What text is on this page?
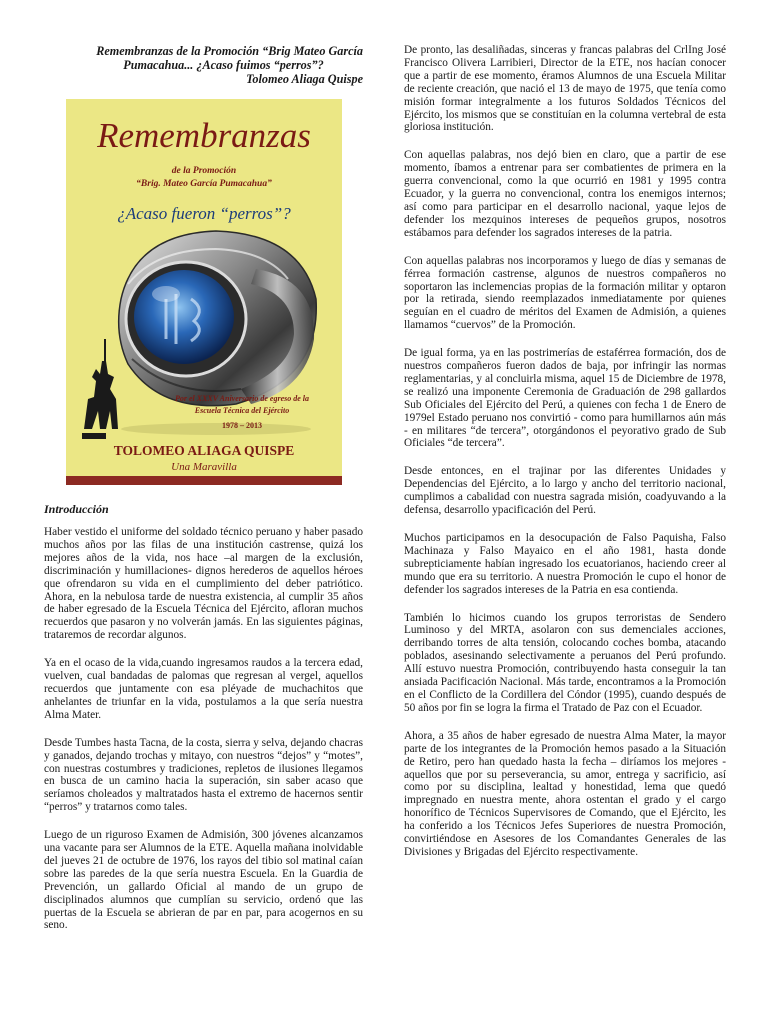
Remembranzas de la Promoción “Brig Mateo García
Pumacahua... ¿Acaso fuimos “perros”?
Tolomeo Aliaga Quispe
Remembranzas
de la Promoción
“Brig. Mateo García Pumacahua”
¿Acaso fueron “perros”?
Por el XXXV Aniversario de egreso de la
Escuela Técnica del Ejército
1978 – 2013
TOLOMEO ALIAGA QUISPE
Una Maravilla
Introducción

Haber vestido el uniforme del soldado técnico peruano y haber pasado muchos años por las filas de una institución castrense, quizá los mejores años de la vida, nos hace –al margen de la exclusión, discriminación y humillaciones- dignos herederos de aquellos héroes que ofrendaron su vida en el cumplimiento del deber patriótico. Ahora, en la nebulosa tarde de nuestra existencia, al cumplir 35 años de haber egresado de la Escuela Técnica del Ejército, afloran muchos recuerdos que pasaron y no volverán jamás. En las siguientes páginas, trataremos de recordar algunos.

Ya en el ocaso de la vida,cuando ingresamos raudos a la tercera edad, vuelven, cual bandadas de palomas que regresan al vergel, aquellos recuerdos que juntamente con esa pléyade de muchachitos que anhelantes de triunfar en la vida, postulamos a la que sería nuestra Alma Mater.

Desde Tumbes hasta Tacna, de la costa, sierra y selva, dejando chacras y ganados, dejando trochas y mitayo, con nuestros “dejos” y “motes”, con nuestras costumbres y tradiciones, repletos de ilusiones llegamos en busca de un camino hacia la superación, sin saber acaso que seríamos choleados y maltratados hasta el extremo de hacernos sentir “perros” y tratarnos como tales.

Luego de un riguroso Examen de Admisión, 300 jóvenes alcanzamos una vacante para ser Alumnos de la ETE. Aquella mañana inolvidable del jueves 21 de octubre de 1976, los rayos del tibio sol matinal caían sobre las paredes de la que sería nuestra Escuela. En la Guardia de Prevención, un gallardo Oficial al mando de un grupo de disciplinados alumnos que cumplían su servicio, ordenó que las puertas de la Escuela se abrieran de par en par, para acogernos en su seno.

De pronto, las desaliñadas, sinceras y francas palabras del CrlIng José Francisco Olivera Larribieri, Director de la ETE, nos hacían conocer que a partir de ese momento, éramos Alumnos de una Escuela Militar de reciente creación, que nació el 13 de mayo de 1975, que tenía como misión formar integralmente a los futuros Soldados Técnicos del Ejército, los mismos que se constituían en la columna vertebral de esta gloriosa institución.

Con aquellas palabras, nos dejó bien en claro, que a partir de ese momento, íbamos a entrenar para ser combatientes de primera en la guerra convencional, como la que ocurrió en 1981 y 1995 contra Ecuador, y la guerra no convencional, contra los enemigos internos; así como para participar en el desarrollo nacional, yaque lejos de defender los mezquinos intereses de pequeños grupos, nosotros estábamos para defender los sagrados intereses de la patria.

Con aquellas palabras nos incorporamos y luego de días y semanas de férrea formación castrense, algunos de nuestros compañeros no soportaron las inclemencias propias de la formación militar y optaron por la retirada, siendo reemplazados inmediatamente por quienes seguían en el cuadro de méritos del Examen de Admisión, a quienes llamamos “cuervos” de la Promoción.

De igual forma, ya en las postrimerías de estaférrea formación, dos de nuestros compañeros fueron dados de baja, por infringir las normas reglamentarias, y al concluirla misma, aquel 15 de Diciembre de 1978, se realizó una imponente Ceremonia de Graduación de 298 gallardos Sub Oficiales del Ejército del Perú, a quienes con fecha 1 de Enero de 1979el Estado peruano nos convirtió - como para humillarnos aún más - en militares “de tercera”, otorgándonos el peyorativo grado de Sub Oficiales “de tercera”.

Desde entonces, en el trajinar por las diferentes Unidades y Dependencias del Ejército, a lo largo y ancho del territorio nacional, cumplimos a cabalidad con nuestra sagrada misión, coadyuvando a la defensa, desarrollo ypacificación del Perú.

Muchos participamos en la desocupación de Falso Paquisha, Falso Machinaza y Falso Mayaico en el año 1981, hasta donde subrepticiamente habían ingresado los ecuatorianos, haciendo creer al mundo que era su territorio. A nuestra Promoción le cupo el honor de defender los sagrados intereses de la Patria en esa contienda.

También lo hicimos cuando los grupos terroristas de Sendero Luminoso y del MRTA, asolaron con sus demenciales acciones, derribando torres de alta tensión, colocando coches bomba, atacando poblados, asesinando selectivamente a peruanos del Perú profundo. Allí estuvo nuestra Promoción, contribuyendo hasta conseguir la tan ansiada Pacificación Nacional. Más tarde, encontramos a la Promoción en el Conflicto de la Cordillera del Cóndor (1995), cuando después de 50 años por fin se logra la firma el Tratado de Paz con el Ecuador.

Ahora, a 35 años de haber egresado de nuestra Alma Mater, la mayor parte de los integrantes de la Promoción hemos pasado a la Situación de Retiro, pero han quedado hasta la fecha – diríamos los mejores - aquellos que por su perseverancia, su amor, entrega y sacrificio, así como por su disciplina, lealtad y honestidad, lema que quedó impregnado en nuestra mente, ahora ostentan el grado y el cargo honorífico de Técnicos Supervisores de Comando, que el Ejército, les ha conferido a los Técnicos Jefes Superiores de nuestra Promoción, convirtiéndose en Asesores de los Comandantes Generales de las Divisiones y Brigadas del Ejército respectivamente.
